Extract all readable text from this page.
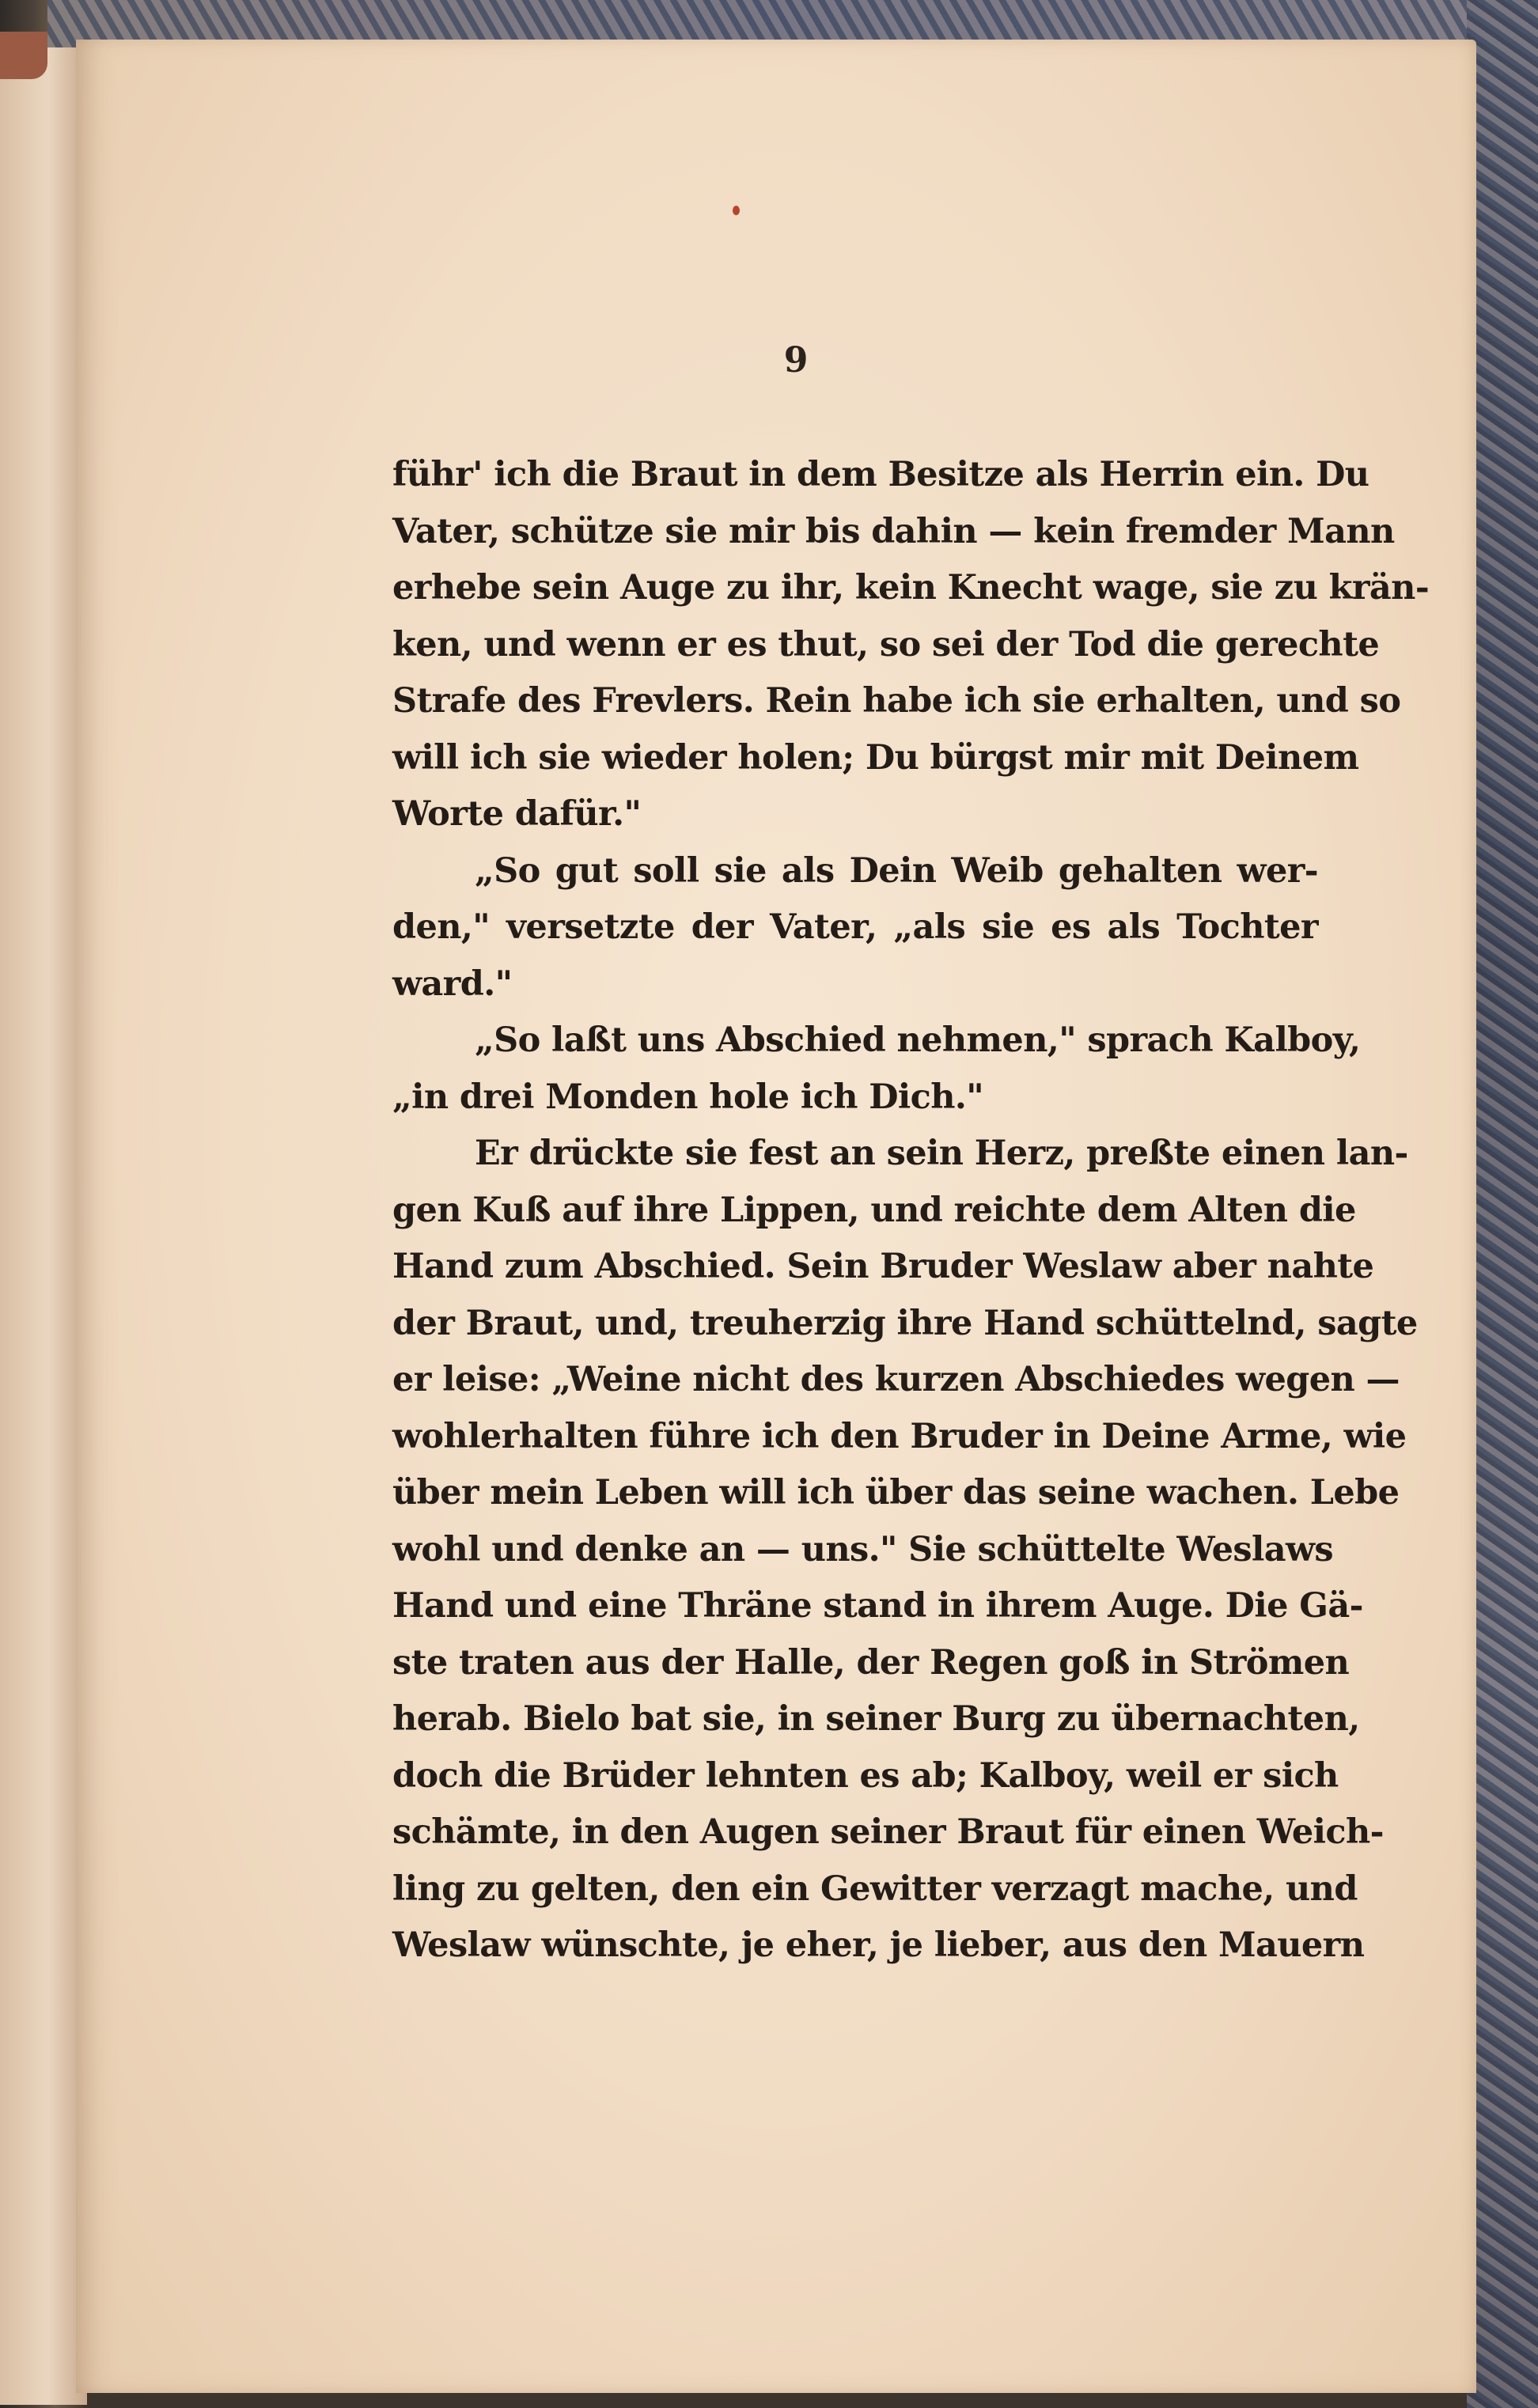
9
führ' ich die Braut in dem Besitze als Herrin ein. Du
Vater, schütze sie mir bis dahin — kein fremder Mann
erhebe sein Auge zu ihr, kein Knecht wage, sie zu krän-
ken, und wenn er es thut, so sei der Tod die gerechte
Strafe des Frevlers. Rein habe ich sie erhalten, und so
will ich sie wieder holen; Du bürgst mir mit Deinem
Worte dafür."
„So gut soll sie als Dein Weib gehalten wer-
den," versetzte der Vater, „als sie es als Tochter
ward."
„So laßt uns Abschied nehmen," sprach Kalboy,
„in drei Monden hole ich Dich."
Er drückte sie fest an sein Herz, preßte einen lan-
gen Kuß auf ihre Lippen, und reichte dem Alten die
Hand zum Abschied. Sein Bruder Weslaw aber nahte
der Braut, und, treuherzig ihre Hand schüttelnd, sagte
er leise: „Weine nicht des kurzen Abschiedes wegen —
wohlerhalten führe ich den Bruder in Deine Arme, wie
über mein Leben will ich über das seine wachen. Lebe
wohl und denke an — uns." Sie schüttelte Weslaws
Hand und eine Thräne stand in ihrem Auge. Die Gä-
ste traten aus der Halle, der Regen goß in Strömen
herab. Bielo bat sie, in seiner Burg zu übernachten,
doch die Brüder lehnten es ab; Kalboy, weil er sich
schämte, in den Augen seiner Braut für einen Weich-
ling zu gelten, den ein Gewitter verzagt mache, und
Weslaw wünschte, je eher, je lieber, aus den Mauern
